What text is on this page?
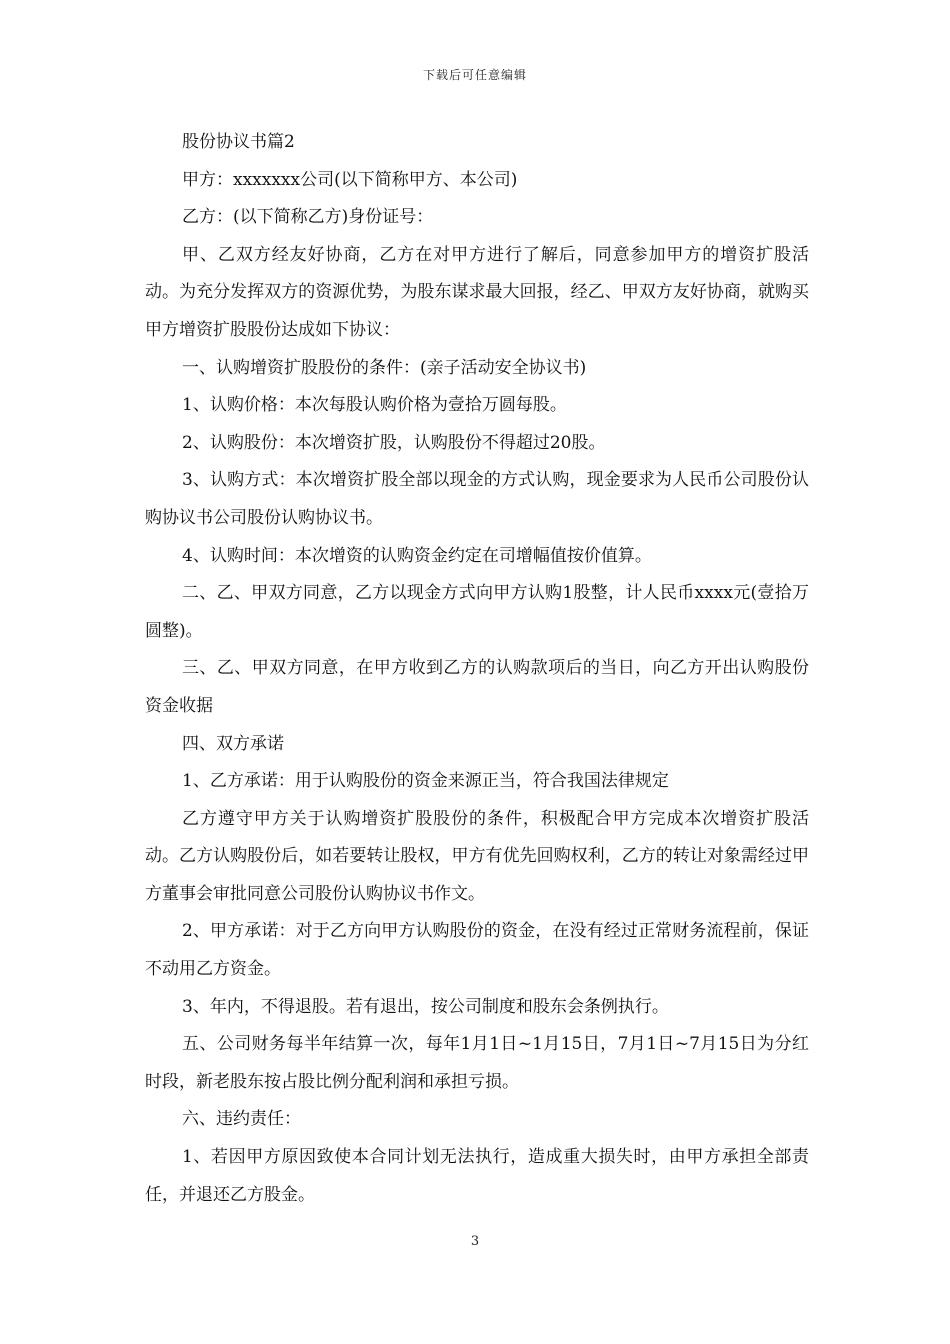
下载后可任意编辑

股份协议书篇2

甲方：xxxxxxx公司(以下简称甲方、本公司)

乙方：(以下简称乙方)身份证号：

甲、乙双方经友好协商，乙方在对甲方进行了解后，同意参加甲方的增资扩股活动。为充分发挥双方的资源优势，为股东谋求最大回报，经乙、甲双方友好协商，就购买甲方增资扩股股份达成如下协议：

一、认购增资扩股股份的条件：(亲子活动安全协议书)

1、认购价格：本次每股认购价格为壹拾万圆每股。

2、认购股份：本次增资扩股，认购股份不得超过20股。

3、认购方式：本次增资扩股全部以现金的方式认购，现金要求为人民币公司股份认购协议书公司股份认购协议书。

4、认购时间：本次增资的认购资金约定在司增幅值按价值算。

二、乙、甲双方同意，乙方以现金方式向甲方认购1股整，计人民币xxxx元(壹拾万圆整)。

三、乙、甲双方同意，在甲方收到乙方的认购款项后的当日，向乙方开出认购股份资金收据

四、双方承诺

1、乙方承诺：用于认购股份的资金来源正当，符合我国法律规定

乙方遵守甲方关于认购增资扩股股份的条件，积极配合甲方完成本次增资扩股活动。乙方认购股份后，如若要转让股权，甲方有优先回购权利，乙方的转让对象需经过甲方董事会审批同意公司股份认购协议书作文。

2、甲方承诺：对于乙方向甲方认购股份的资金，在没有经过正常财务流程前，保证不动用乙方资金。

3、年内，不得退股。若有退出，按公司制度和股东会条例执行。

五、公司财务每半年结算一次，每年1月1日~1月15日，7月1日~7月15日为分红时段，新老股东按占股比例分配利润和承担亏损。

六、违约责任：

1、若因甲方原因致使本合同计划无法执行，造成重大损失时，由甲方承担全部责任，并退还乙方股金。

3
